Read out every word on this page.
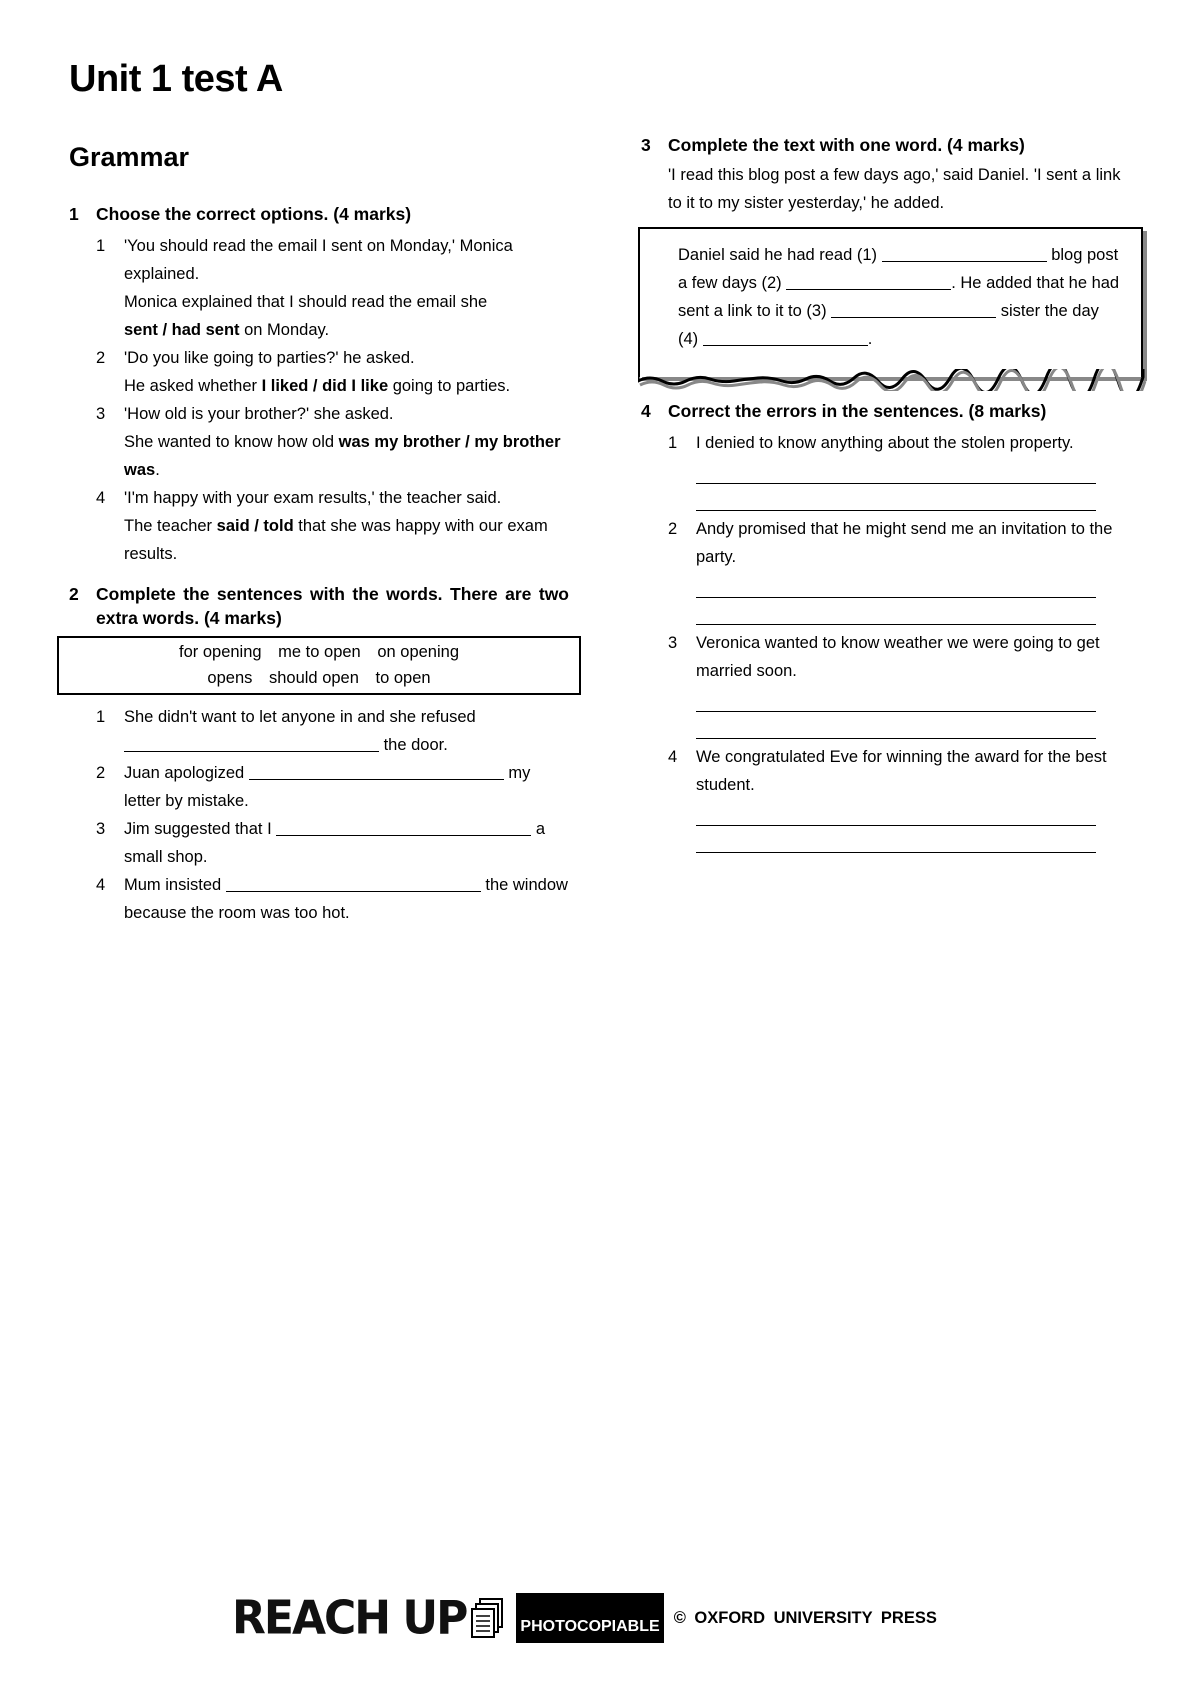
Unit 1 test A
Grammar
1 Choose the correct options. (4 marks)
1	'You should read the email I sent on Monday,' Monica
explained.
Monica explained that I should read the email she
sent / had sent on Monday.
2	'Do you like going to parties?' he asked.
He asked whether I liked / did I like going to parties.
3	'How old is your brother?' she asked.
She wanted to know how old was my brother / my brother was.
4	'I'm happy with your exam results,' the teacher said.
The teacher said / told that she was happy with our exam results.
2 Complete the sentences with the words. There are two extra words. (4 marks)
for opening me to open on opening
opens should open to open
1	She didn't want to let anyone in and she refused
the door.
2	Juan apologized	my letter by mistake.
3	Jim suggested that I	a small shop.
4	Mum insisted	the window because the room was too hot.
3 Complete the text with one word. (4 marks)
'I read this blog post a few days ago,' said Daniel. 'I sent a link to it to my sister yesterday,' he added.
Daniel said he had read (1)	blog post a few days (2)	. He added that he had sent a link to it to (3)	sister the day (4)	.
4 Correct the errors in the sentences. (8 marks)
1	I denied to know anything about the stolen property.
2	Andy promised that he might send me an invitation to the party.
3	Veronica wanted to know weather we were going to get married soon.
4	We congratulated Eve for winning the award for the best student.
REACH UP	PHOTOCOPIABLE © OXFORD UNIVERSITY PRESS
